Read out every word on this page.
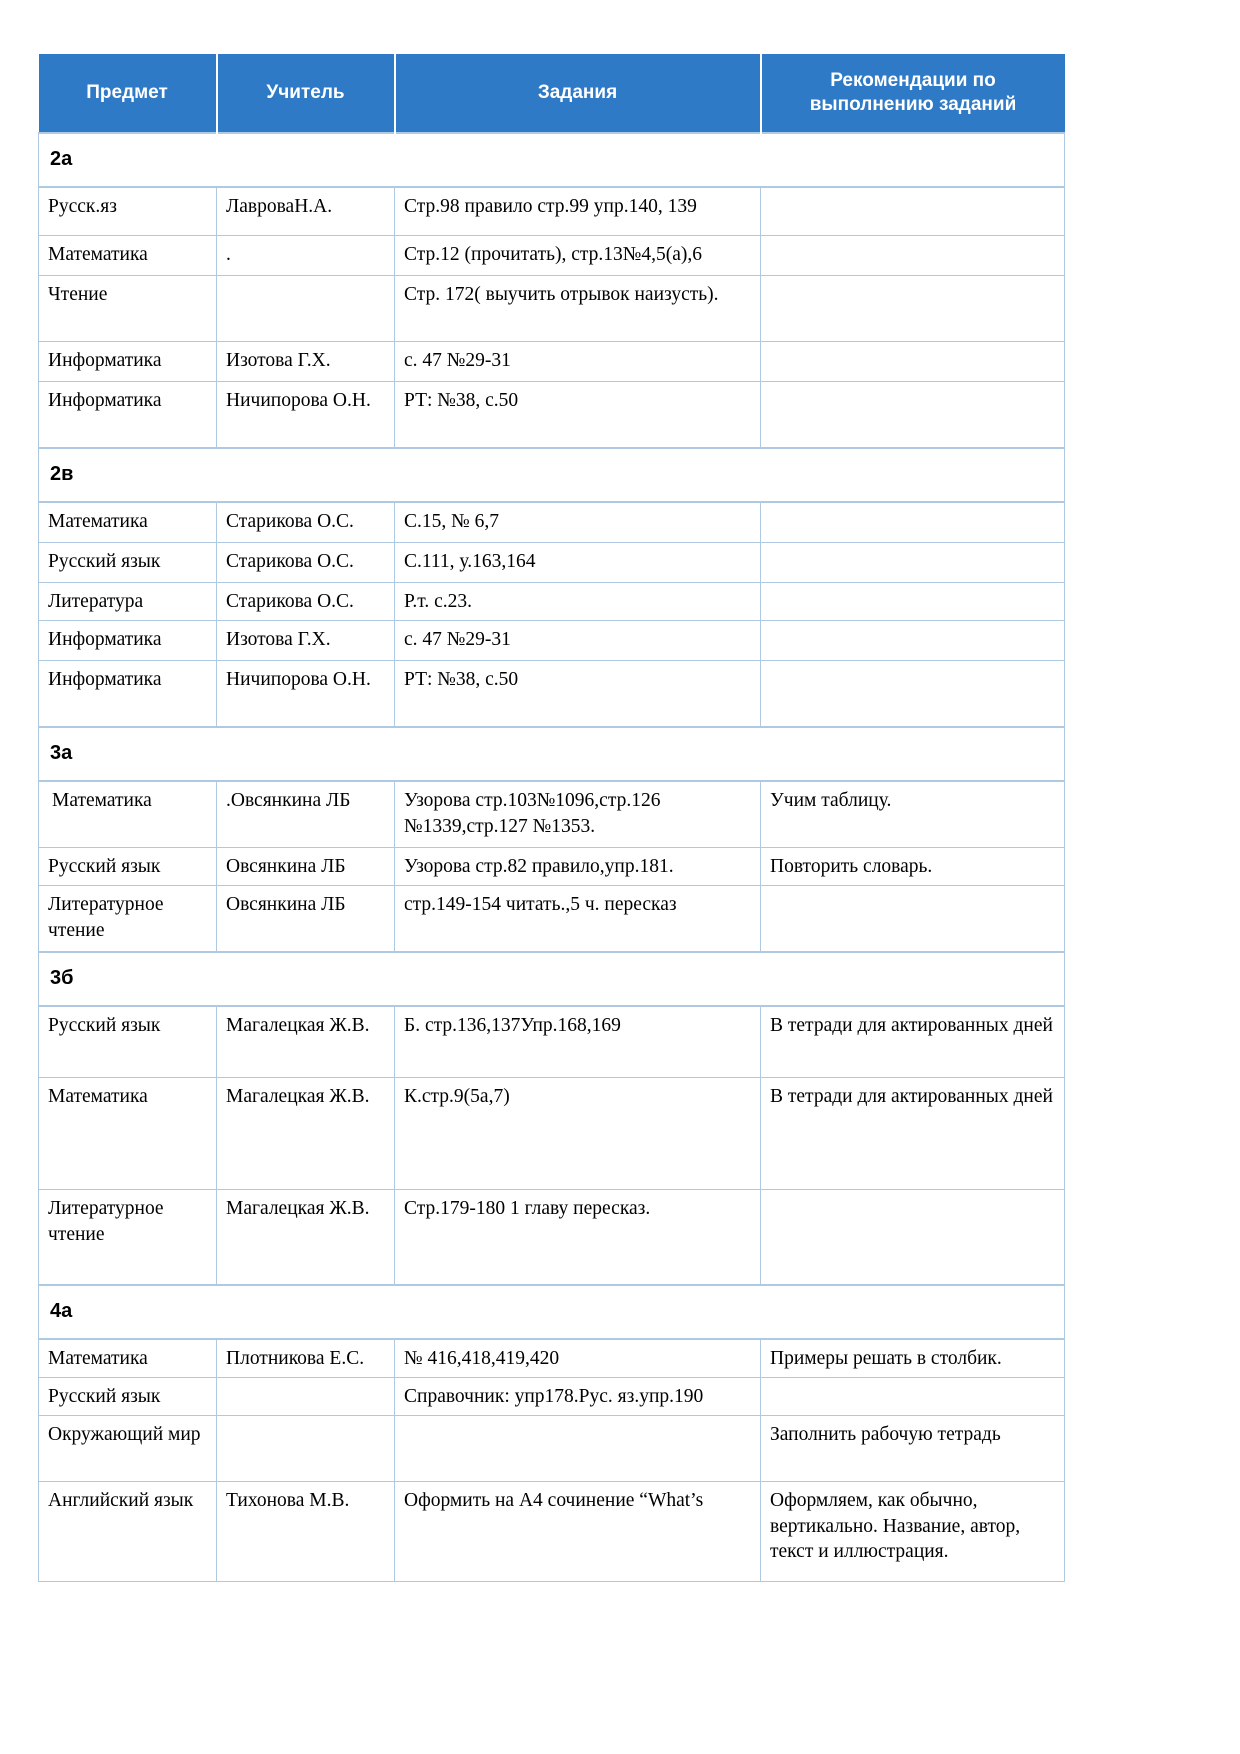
Предмет	Учитель	Задания	Рекомендации по выполнению заданий
2а			
Русск.яз	ЛавроваН.А.	Стр.98 правило стр.99 упр.140, 139	
Математика	.	Стр.12 (прочитать), стр.13№4,5(а),6	
Чтение		Стр. 172( выучить отрывок наизусть).	
Информатика	Изотова Г.Х.	с. 47 №29-31	
Информатика	Ничипорова О.Н.	РТ: №38, с.50	
2в			
Математика	Старикова О.С.	С.15, № 6,7	
Русский язык	Старикова О.С.	С.111, у.163,164	
Литература	Старикова О.С.	Р.т. с.23.	
Информатика	Изотова Г.Х.	с. 47 №29-31	
Информатика	Ничипорова О.Н.	РТ: №38, с.50	
3а			
Математика	.Овсянкина ЛБ	Узорова стр.103№1096,стр.126 №1339,стр.127 №1353.	Учим таблицу.
Русский язык	Овсянкина ЛБ	Узорова стр.82 правило,упр.181.	Повторить словарь.
Литературное чтение	Овсянкина ЛБ	стр.149-154 читать.,5 ч. пересказ	
3б			
Русский язык	Магалецкая Ж.В.	Б. стр.136,137Упр.168,169	В тетради для актированных дней
Математика	Магалецкая Ж.В.	К.стр.9(5а,7)	В тетради для актированных дней
Литературное чтение	Магалецкая Ж.В.	Стр.179-180 1 главу пересказ.	
4а			
Математика	Плотникова Е.С.	№ 416,418,419,420	Примеры решать в столбик.
Русский язык		Справочник: упр178.Рус. яз.упр.190	
Окружающий мир			Заполнить рабочую тетрадь
Английский язык	Тихонова М.В.	Оформить на А4 сочинение “What’s	Оформляем, как обычно, вертикально. Название, автор, текст и иллюстрация.
